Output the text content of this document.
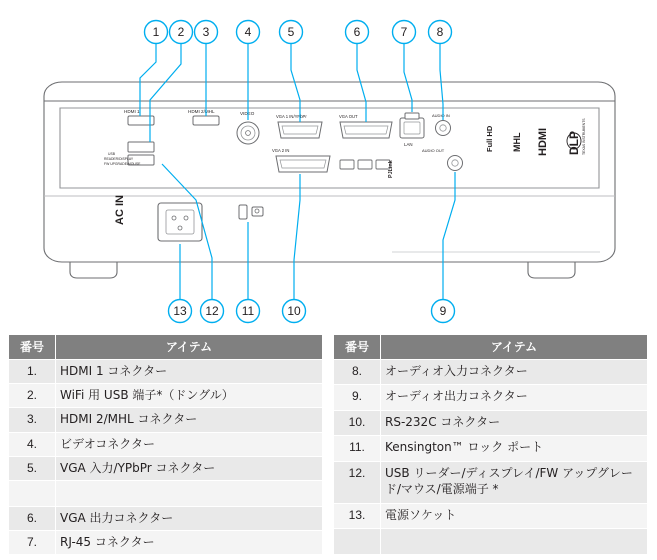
HDMI 1
USB
READER/DISPLAY
FW UPGRADE/MOUSE
HDMI 2/MHL	VIDEO
VGA 1 IN/YPbPr	VGA OUT
VGA 2 IN
PJLink
LAN
AUDIO IN
AUDIO OUT	Full HD MHL HDMI DLP TEXAS INSTRUMENTS
AC IN
1 2 3	4	5	6	7 8
13 12 11	10	9
番号	アイテム
1.	HDMI 1 コネクター
2.	WiFi 用 USB 端子*（ドングル）
3.	HDMI 2/MHL コネクター
4.	ビデオコネクター
5.	VGA 入力/YPbPr コネクター

6.	VGA 出力コネクター
7.	RJ-45 コネクター
番号	アイテム
8.	オーディオ入力コネクター
9.	オーディオ出力コネクター
10.	RS-232C コネクター
11.	Kensington™ ロック ポート
12.	USB リーダー/ディスプレイ/FW アップグレード/マウス/電源端子 *
13.	電源ソケット
